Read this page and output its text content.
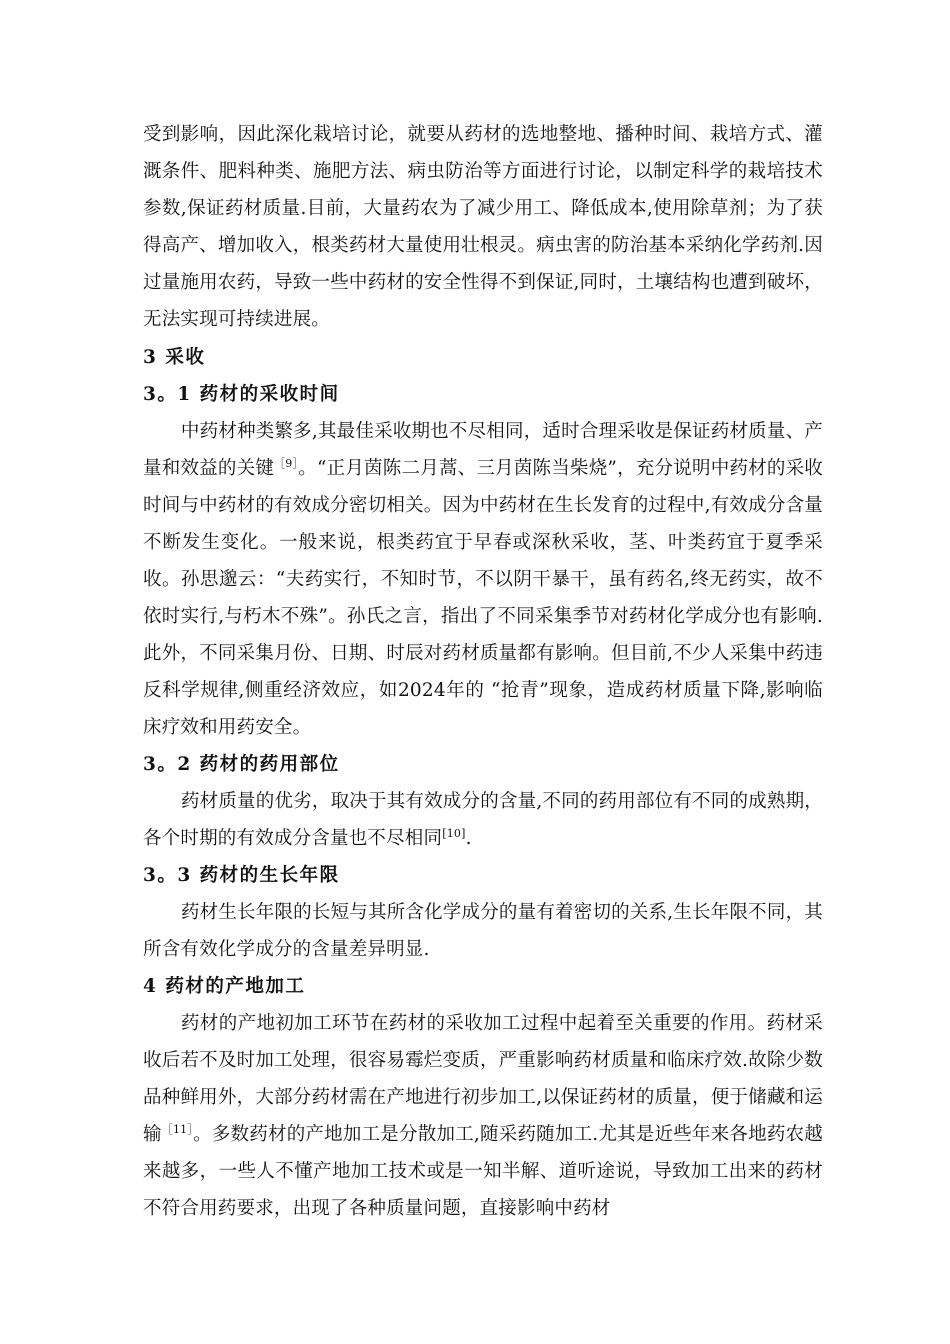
受到影响，因此深化栽培讨论，就要从药材的选地整地、播种时间、栽培方式、灌溉条件、肥料种类、施肥方法、病虫防治等方面进行讨论，以制定科学的栽培技术参数,保证药材质量.目前，大量药农为了减少用工、降低成本,使用除草剂；为了获得高产、增加收入，根类药材大量使用壮根灵。病虫害的防治基本采纳化学药剂.因过量施用农药，导致一些中药材的安全性得不到保证,同时，土壤结构也遭到破坏，无法实现可持续进展。

3 采收
3。1 药材的采收时间

中药材种类繁多,其最佳采收期也不尽相同，适时合理采收是保证药材质量、产量和效益的关键$^{[9]}$。“正月茵陈二月蒿、三月茵陈当柴烧”，充分说明中药材的采收时间与中药材的有效成分密切相关。因为中药材在生长发育的过程中,有效成分含量不断发生变化。一般来说，根类药宜于早春或深秋采收，茎、叶类药宜于夏季采收。孙思邈云：“夫药实行，不知时节，不以阴干暴干，虽有药名,终无药实，故不依时实行,与朽木不殊”。孙氏之言，指出了不同采集季节对药材化学成分也有影响.此外，不同采集月份、日期、时辰对药材质量都有影响。但目前,不少人采集中药违反科学规律,侧重经济效应，如2024年的 “抢青”现象，造成药材质量下降,影响临床疗效和用药安全。

3。2 药材的药用部位

药材质量的优劣，取决于其有效成分的含量,不同的药用部位有不同的成熟期，各个时期的有效成分含量也不尽相同[10].

3。3 药材的生长年限

药材生长年限的长短与其所含化学成分的量有着密切的关系,生长年限不同，其所含有效化学成分的含量差异明显.

4 药材的产地加工

药材的产地初加工环节在药材的采收加工过程中起着至关重要的作用。药材采收后若不及时加工处理，很容易霉烂变质，严重影响药材质量和临床疗效.故除少数品种鲜用外，大部分药材需在产地进行初步加工,以保证药材的质量，便于储藏和运输$^{[11]}$。多数药材的产地加工是分散加工,随采药随加工.尤其是近些年来各地药农越来越多，一些人不懂产地加工技术或是一知半解、道听途说，导致加工出来的药材不符合用药要求，出现了各种质量问题，直接影响中药材
